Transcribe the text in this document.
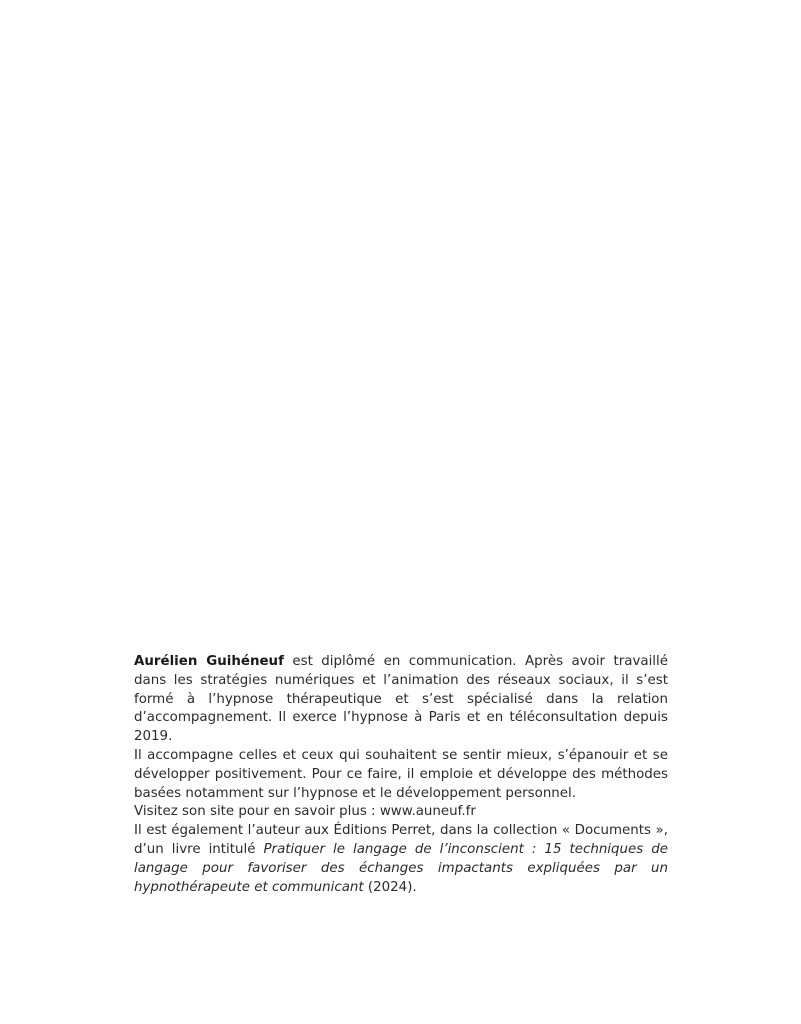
Aurélien Guihéneuf est diplômé en communication. Après avoir travaillé dans les stratégies numériques et l’animation des réseaux sociaux, il s’est formé à l’hypnose thérapeutique et s’est spécialisé dans la relation d’accompagnement. Il exerce l’hypnose à Paris et en téléconsultation depuis 2019.

Il accompagne celles et ceux qui souhaitent se sentir mieux, s’épanouir et se développer positivement. Pour ce faire, il emploie et développe des méthodes basées notamment sur l’hypnose et le développement personnel.

Visitez son site pour en savoir plus : www.auneuf.fr

Il est également l’auteur aux Éditions Perret, dans la collection « Documents », d’un livre intitulé Pratiquer le langage de l’inconscient : 15 techniques de langage pour favoriser des échanges impactants expliquées par un hypnothérapeute et communicant (2024).
